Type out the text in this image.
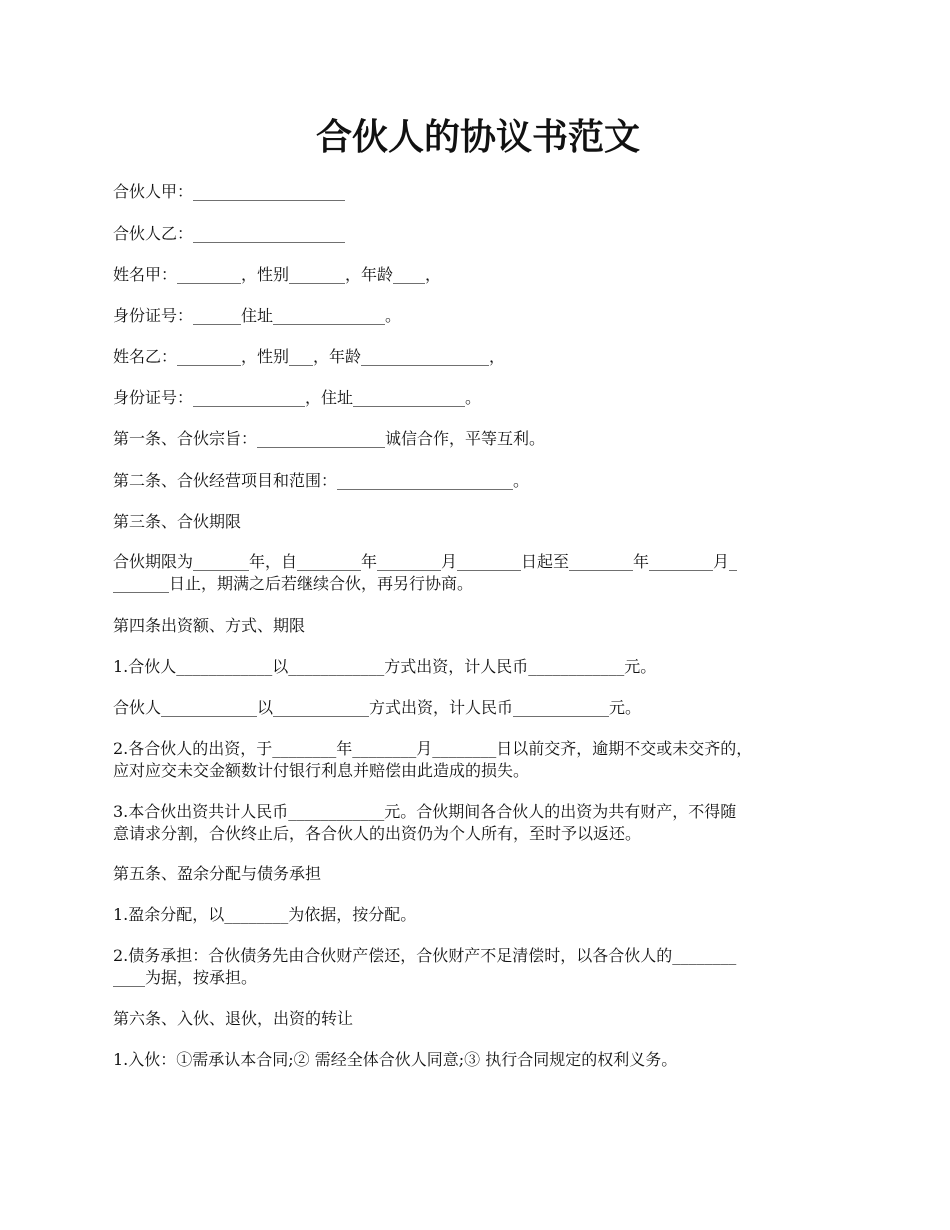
合伙人的协议书范文
合伙人甲：___________________
合伙人乙：___________________
姓名甲：________，性别_______，年龄____，
身份证号：______住址______________。
姓名乙：________，性别___，年龄________________，
身份证号：______________，住址______________。
第一条、合伙宗旨：________________诚信合作，平等互利。
第二条、合伙经营项目和范围：______________________。
第三条、合伙期限
合伙期限为_______年，自________年________月________日起至________年________月_
_______日止，期满之后若继续合伙，再另行协商。
第四条出资额、方式、期限
1.合伙人____________以____________方式出资，计人民币____________元。
合伙人____________以____________方式出资，计人民币____________元。
2.各合伙人的出资，于________年________月________日以前交齐，逾期不交或未交齐的，
应对应交未交金额数计付银行利息并赔偿由此造成的损失。
3.本合伙出资共计人民币____________元。合伙期间各合伙人的出资为共有财产，不得随
意请求分割，合伙终止后，各合伙人的出资仍为个人所有，至时予以返还。
第五条、盈余分配与债务承担
1.盈余分配，以________为依据，按分配。
2.债务承担：合伙债务先由合伙财产偿还，合伙财产不足清偿时，以各合伙人的________
____为据，按承担。
第六条、入伙、退伙，出资的转让
1.入伙：①需承认本合同;② 需经全体合伙人同意;③ 执行合同规定的权利义务。
